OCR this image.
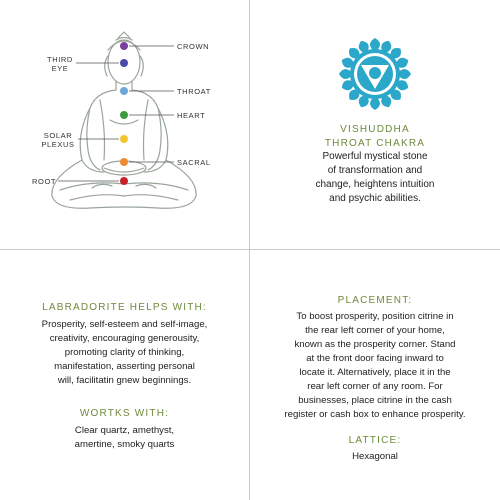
CROWN
THIRD
EYE
THROAT
HEART
SOLAR
PLEXUS
SACRAL
ROOT
VISHUDDHA
THROAT CHAKRA
Powerful mystical stone
of transformation and
change, heightens intuition
and psychic abilities.
LABRADORITE HELPS WITH:
Prosperity, self-esteem and self-image,
creativity, encouraging generousity,
promoting clarity of thinking,
manifestation, asserting personal
will, facilitatin gnew beginnings.
WORTKS WITH:
Clear quartz, amethyst,
amertine, smoky quarts
PLACEMENT:
To boost prosperity, position citrine in
the rear left corner of your home,
known as the prosperity corner. Stand
at the front door facing inward to
locate it. Alternatively, place it in the
rear left corner of any room. For
businesses, place citrine in the cash
register or cash box to enhance prosperity.
LATTICE:
Hexagonal
